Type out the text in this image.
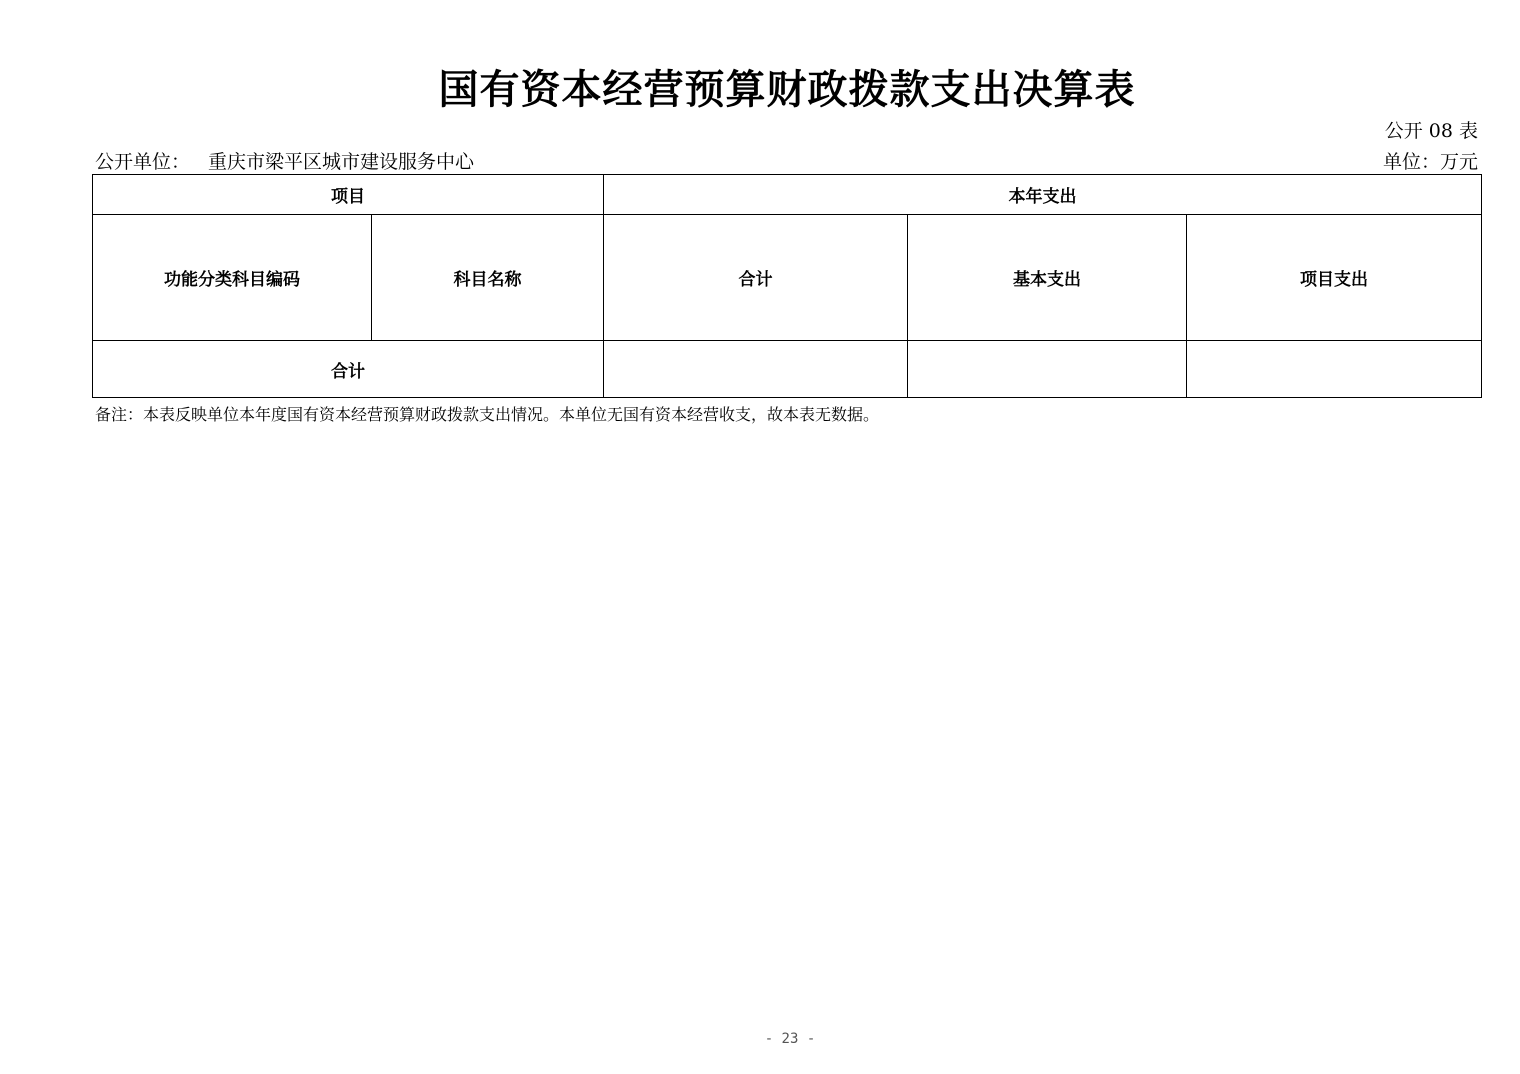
国有资本经营预算财政拨款支出决算表
公开 08 表
公开单位： 重庆市梁平区城市建设服务中心	单位：万元
项目		本年支出		
功能分类科目编码	科目名称	合计	基本支出	项目支出
合计				
备注：本表反映单位本年度国有资本经营预算财政拨款支出情况。本单位无国有资本经营收支，故本表无数据。
- 23 -
